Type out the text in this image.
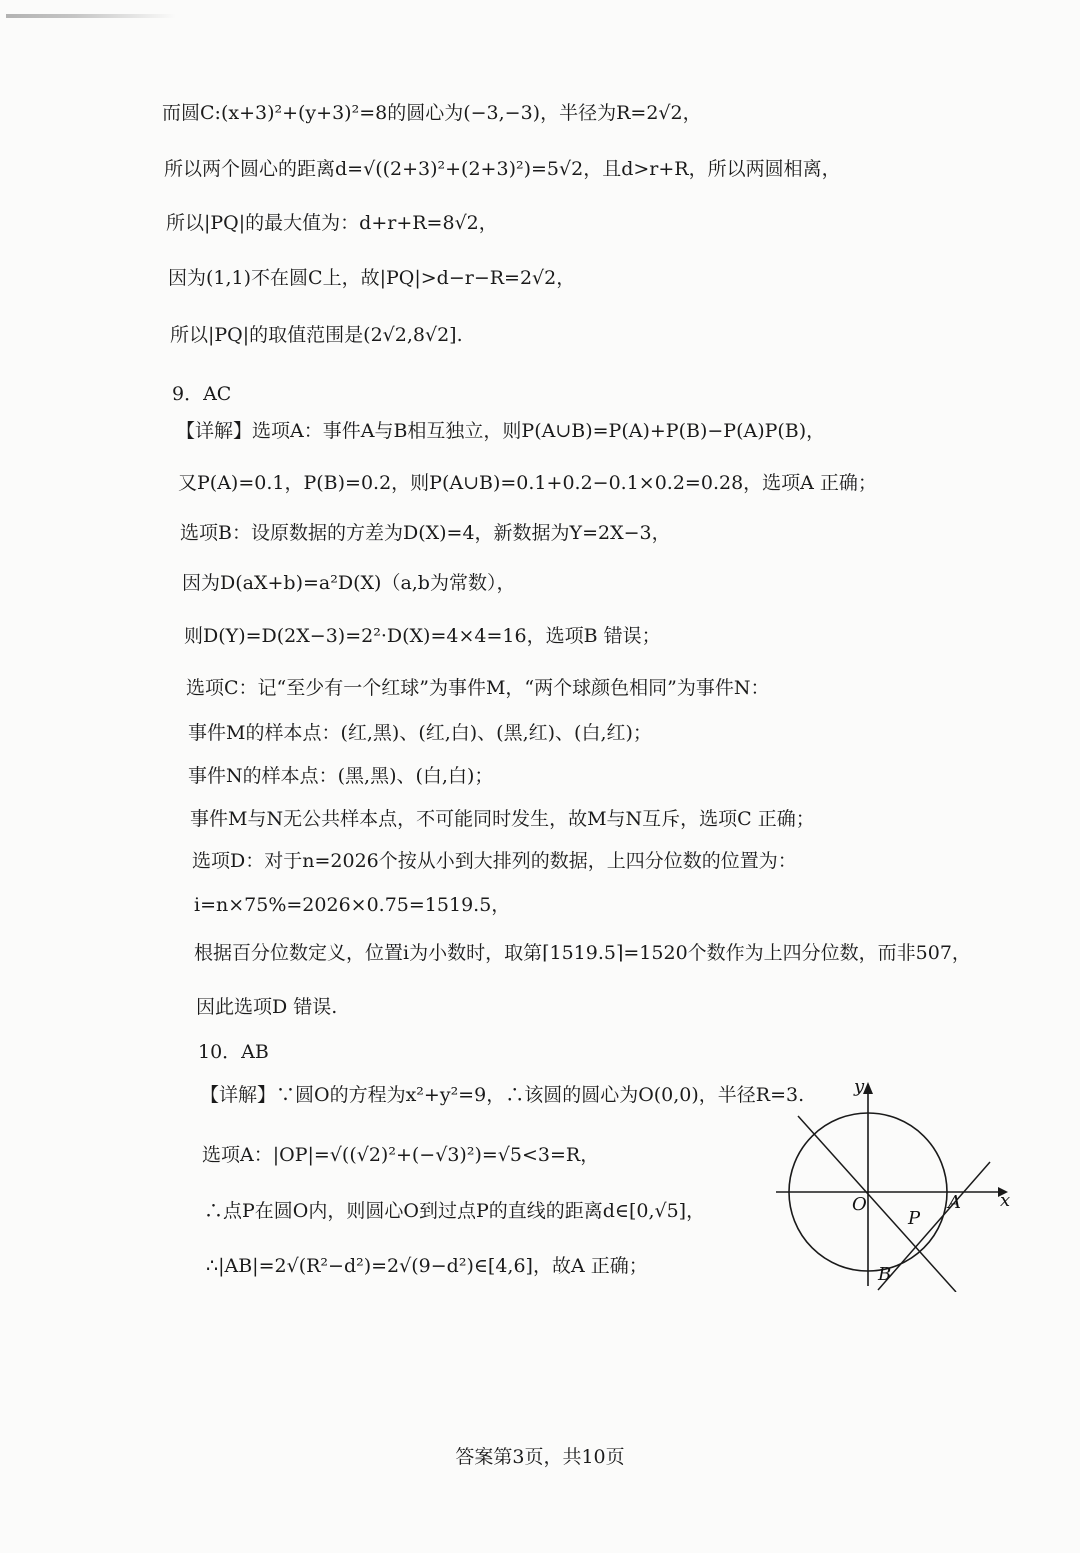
而圆C:(x+3)²+(y+3)²=8的圆心为(−3,−3)，半径为R=2√2，
所以两个圆心的距离d=√((2+3)²+(2+3)²)=5√2，且d>r+R，所以两圆相离，
所以|PQ|的最大值为：d+r+R=8√2，
因为(1,1)不在圆C上，故|PQ|>d−r−R=2√2，
所以|PQ|的取值范围是(2√2,8√2].
9．AC
【详解】选项A：事件A与B相互独立，则P(A∪B)=P(A)+P(B)−P(A)P(B)，
又P(A)=0.1，P(B)=0.2，则P(A∪B)=0.1+0.2−0.1×0.2=0.28，选项A 正确；
选项B：设原数据的方差为D(X)=4，新数据为Y=2X−3，
因为D(aX+b)=a²D(X)（a,b为常数），
则D(Y)=D(2X−3)=2²·D(X)=4×4=16，选项B 错误；
选项C：记“至少有一个红球”为事件M，“两个球颜色相同”为事件N：
事件M的样本点：(红,黑)、(红,白)、(黑,红)、(白,红)；
事件N的样本点：(黑,黑)、(白,白)；
事件M与N无公共样本点，不可能同时发生，故M与N互斥，选项C 正确；
选项D：对于n=2026个按从小到大排列的数据，上四分位数的位置为：
i=n×75%=2026×0.75=1519.5，
根据百分位数定义，位置i为小数时，取第⌈1519.5⌉=1520个数作为上四分位数，而非507，
因此选项D 错误.
10．AB
【详解】∵圆O的方程为x²+y²=9，∴该圆的圆心为O(0,0)，半径R=3.
选项A：|OP|=√((√2)²+(−√3)²)=√5<3=R，
∴点P在圆O内，则圆心O到过点P的直线的距离d∈[0,√5]，
∴|AB|=2√(R²−d²)=2√(9−d²)∈[4,6]，故A 正确；
y
x
O	A
P
B
答案第3页，共10页
